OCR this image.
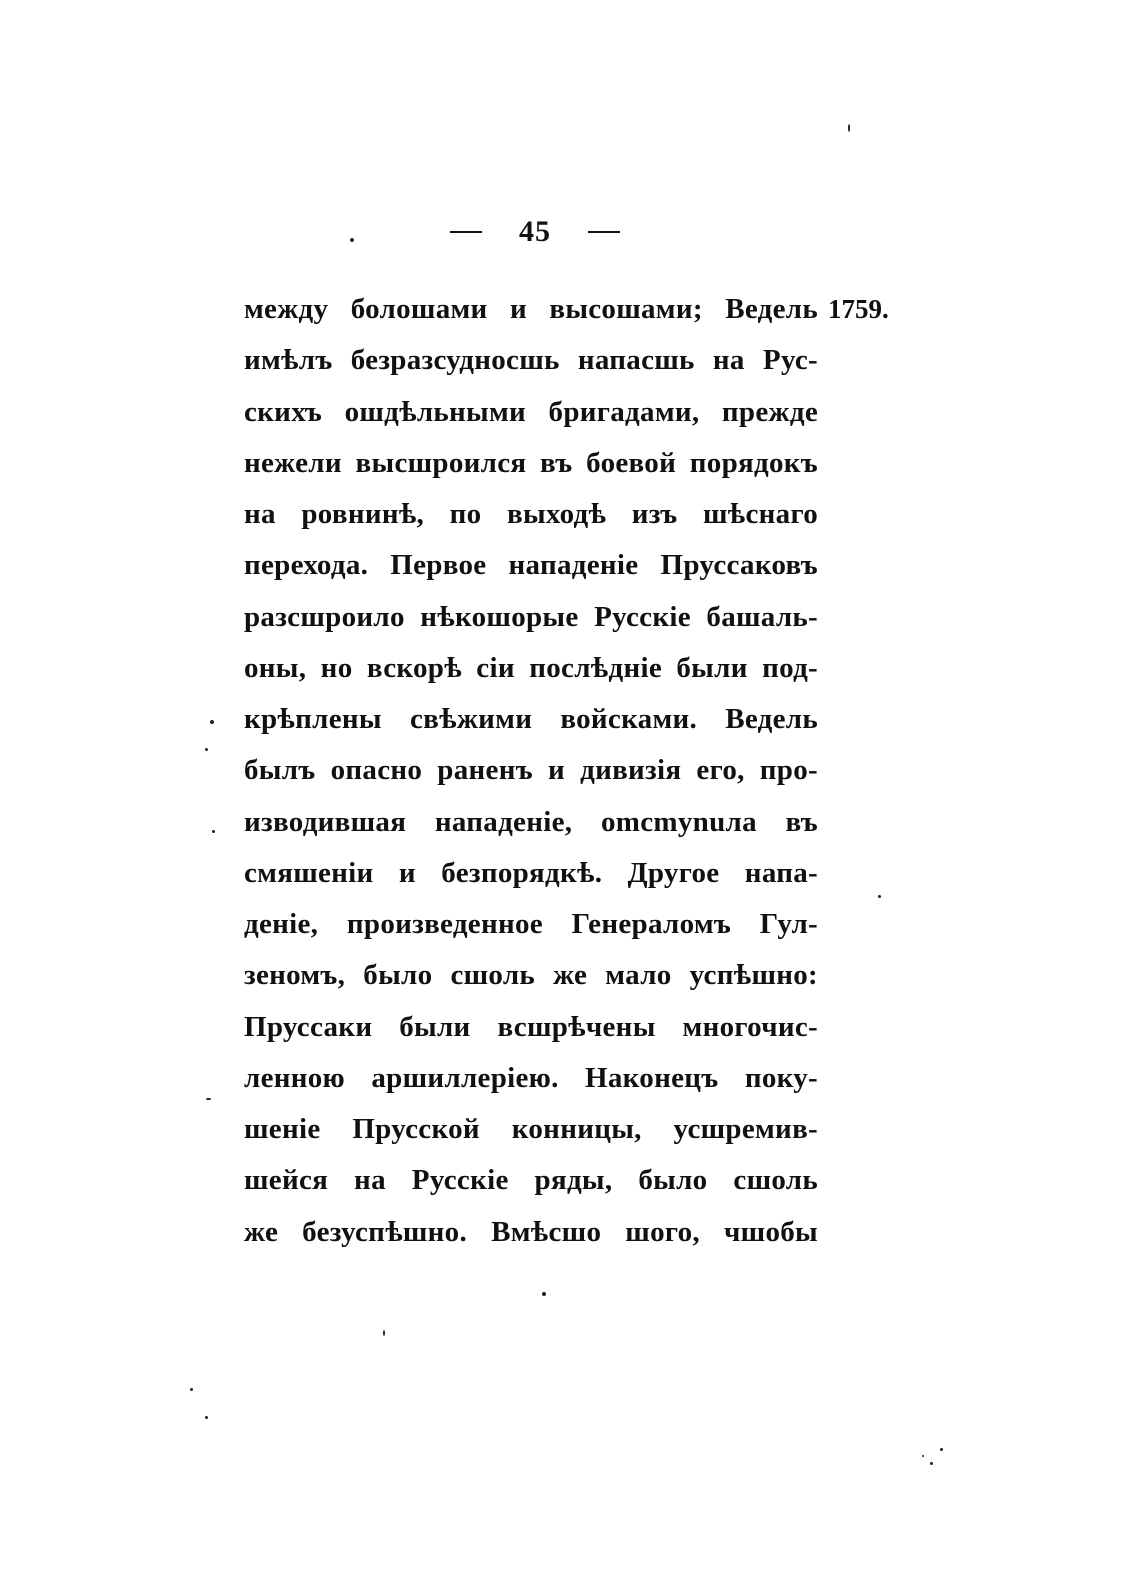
45
1759.
между болошами и высошами; Ведель
имѣлъ безразсудносшь напасшь на Рус-
скихъ ошдѣльными бригадами, прежде
нежели высшроился въ боевой порядокъ
на ровнинѣ, по выходѣ изъ шѣснаго
перехода. Первое нападенiе Пруссаковъ
разсшроило нѣкошорые Русскiе башаль-
оны, но вскорѣ сiи послѣднiе были под-
крѣплены свѣжими войсками. Ведель
былъ опасно раненъ и дивизiя его, про-
изводившая нападенiе, omcmynuлa въ
смяшенiи и безпорядкѣ. Другое напа-
денiе, произведенное Генераломъ Гул-
зеномъ, было сшоль же мало успѣшно:
Пруссаки были всшрѣчены многочис-
ленною аршиллерiею. Наконецъ поку-
шенiе Прусской конницы, усшремив-
шейся на Русскiе ряды, было сшоль
же безуспѣшно. Вмѣсшо шого, чшобы
